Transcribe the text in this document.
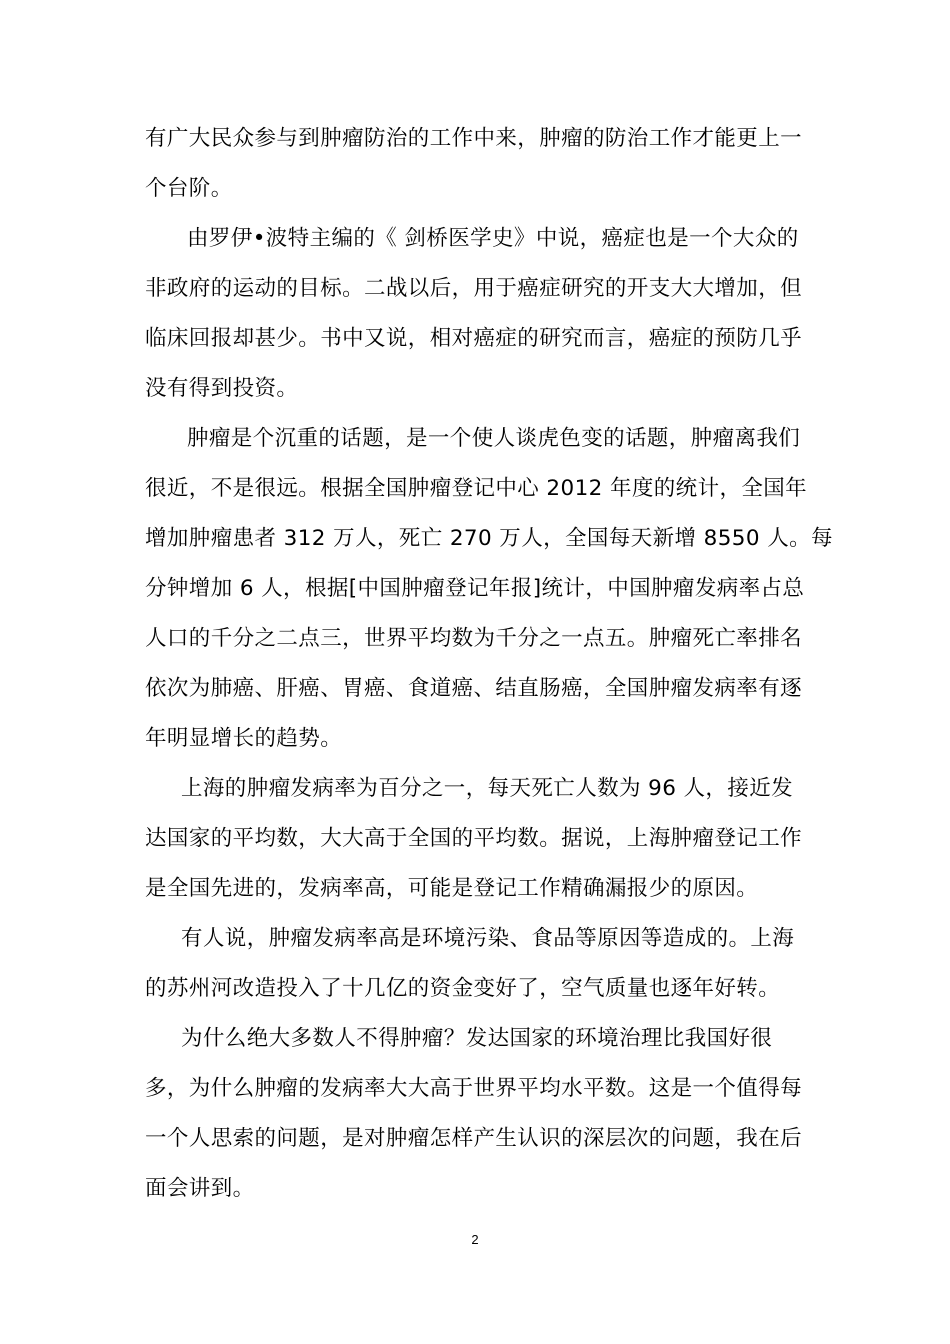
有广大民众参与到肿瘤防治的工作中来，肿瘤的防治工作才能更上一
个台阶。
由罗伊•波特主编的《 剑桥医学史》中说，癌症也是一个大众的
非政府的运动的目标。二战以后，用于癌症研究的开支大大增加，但
临床回报却甚少。书中又说，相对癌症的研究而言，癌症的预防几乎
没有得到投资。
肿瘤是个沉重的话题，是一个使人谈虎色变的话题，肿瘤离我们
很近，不是很远。根据全国肿瘤登记中心 2012 年度的统计，全国年
增加肿瘤患者 312 万人，死亡 270 万人，全国每天新增 8550 人。每
分钟增加 6 人，根据[中国肿瘤登记年报]统计，中国肿瘤发病率占总
人口的千分之二点三，世界平均数为千分之一点五。肿瘤死亡率排名
依次为肺癌、肝癌、胃癌、食道癌、结直肠癌，全国肿瘤发病率有逐
年明显增长的趋势。
上海的肿瘤发病率为百分之一，每天死亡人数为 96 人，接近发
达国家的平均数，大大高于全国的平均数。据说，上海肿瘤登记工作
是全国先进的，发病率高，可能是登记工作精确漏报少的原因。
有人说，肿瘤发病率高是环境污染、食品等原因等造成的。上海
的苏州河改造投入了十几亿的资金变好了，空气质量也逐年好转。
为什么绝大多数人不得肿瘤？发达国家的环境治理比我国好很
多，为什么肿瘤的发病率大大高于世界平均水平数。这是一个值得每
一个人思索的问题，是对肿瘤怎样产生认识的深层次的问题，我在后
面会讲到。
2
